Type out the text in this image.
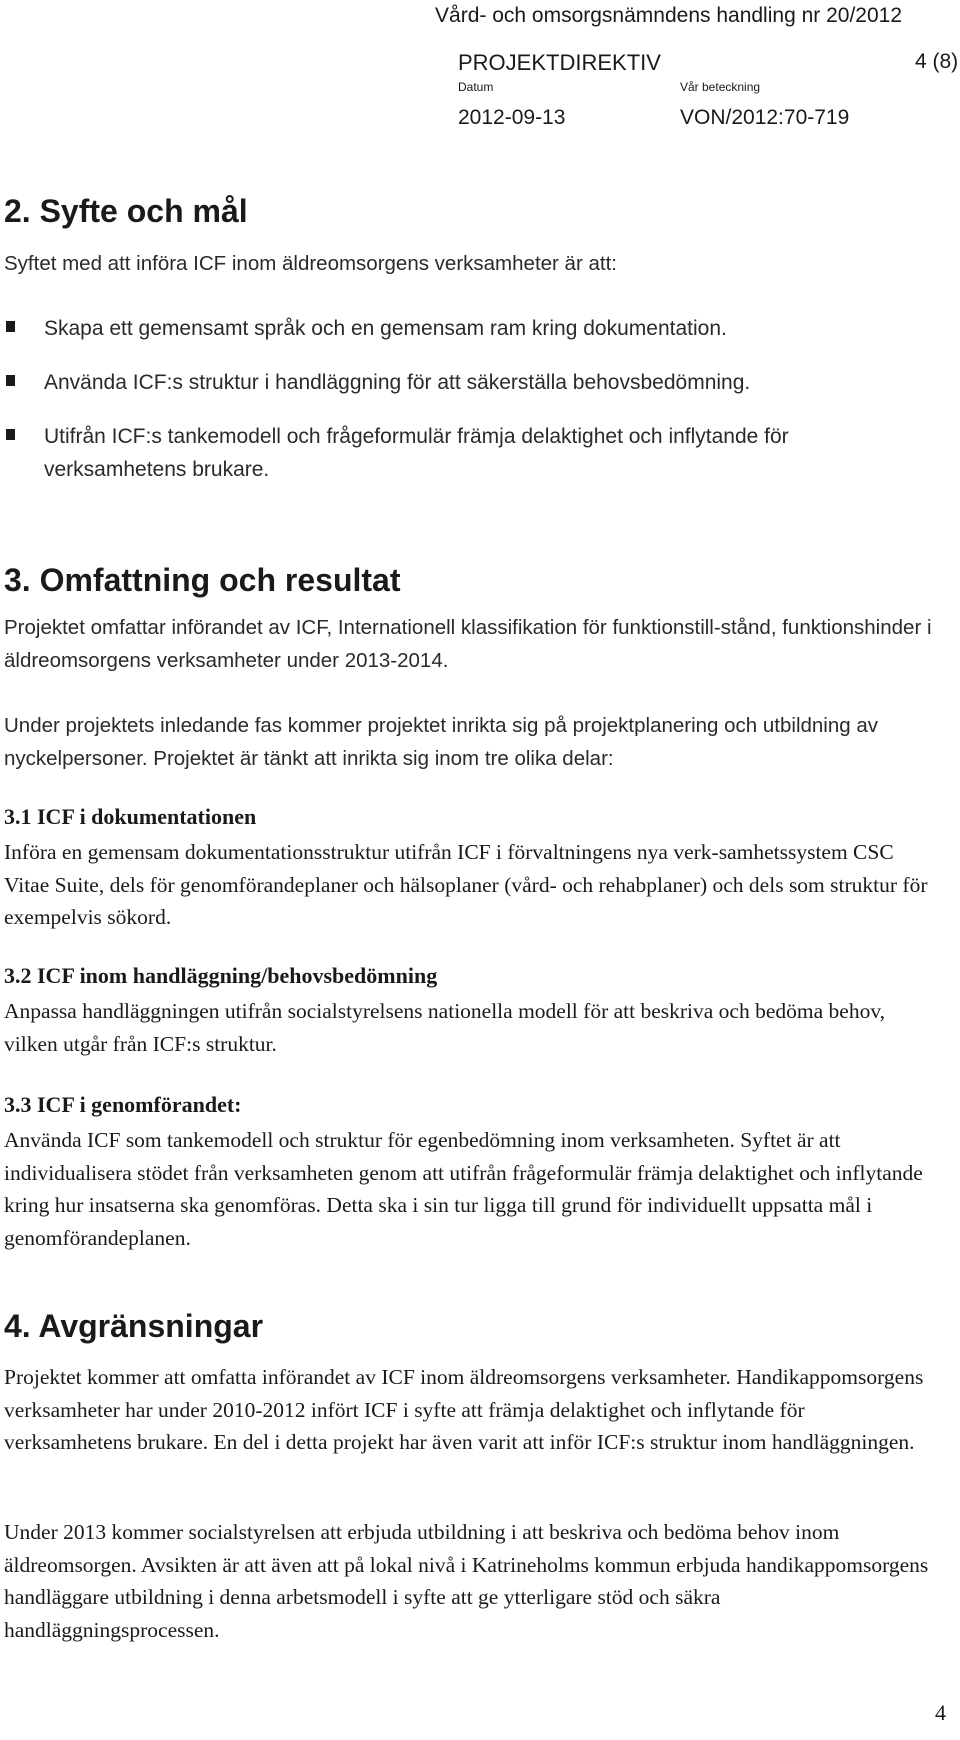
Vård- och omsorgsnämndens handling nr 20/2012
PROJEKTDIREKTIV	4 (8)
Datum	Vår beteckning
2012-09-13	VON/2012:70-719
2. Syfte och mål
Syftet med att införa ICF inom äldreomsorgens verksamheter är att:
Skapa ett gemensamt språk och en gemensam ram kring dokumentation.
Använda ICF:s struktur i handläggning för att säkerställa behovsbedömning.
Utifrån ICF:s tankemodell och frågeformulär främja delaktighet och inflytande för verksamhetens brukare.
3. Omfattning och resultat
Projektet omfattar införandet av ICF, Internationell klassifikation för funktionstill-stånd, funktionshinder i äldreomsorgens verksamheter under 2013-2014.
Under projektets inledande fas kommer projektet inrikta sig på projektplanering och utbildning av nyckelpersoner. Projektet är tänkt att inrikta sig inom tre olika delar:
3.1 ICF i dokumentationen
Införa en gemensam dokumentationsstruktur utifrån ICF i förvaltningens nya verk-samhetssystem CSC Vitae Suite, dels för genomförandeplaner och hälsoplaner (vård- och rehabplaner) och dels som struktur för exempelvis sökord.
3.2 ICF inom handläggning/behovsbedömning
Anpassa handläggningen utifrån socialstyrelsens nationella modell för att beskriva och bedöma behov, vilken utgår från ICF:s struktur.
3.3 ICF i genomförandet:
Använda ICF som tankemodell och struktur för egenbedömning inom verksamheten. Syftet är att individualisera stödet från verksamheten genom att utifrån frågeformulär främja delaktighet och inflytande kring hur insatserna ska genomföras. Detta ska i sin tur ligga till grund för individuellt uppsatta mål i genomförandeplanen.
4. Avgränsningar
Projektet kommer att omfatta införandet av ICF inom äldreomsorgens verksamheter. Handikappomsorgens verksamheter har under 2010-2012 infört ICF i syfte att främja delaktighet och inflytande för verksamhetens brukare. En del i detta projekt har även varit att inför ICF:s struktur inom handläggningen.
Under 2013 kommer socialstyrelsen att erbjuda utbildning i att beskriva och bedöma behov inom äldreomsorgen. Avsikten är att även att på lokal nivå i Katrineholms kommun erbjuda handikappomsorgens handläggare utbildning i denna arbetsmodell i syfte att ge ytterligare stöd och säkra handläggningsprocessen.
4
